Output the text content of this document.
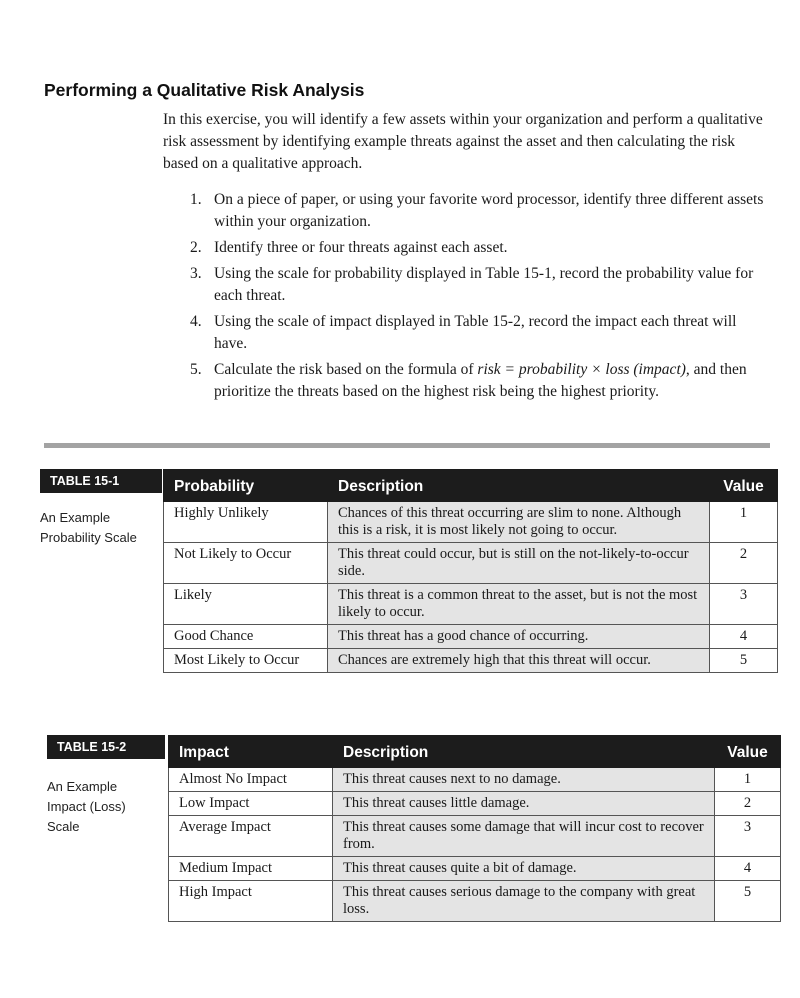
Performing a Qualitative Risk Analysis

In this exercise, you will identify a few assets within your organization and perform a qualitative risk assessment by identifying example threats against the asset and then calculating the risk based on a qualitative approach.

1. On a piece of paper, or using your favorite word processor, identify three different assets within your organization.
2. Identify three or four threats against each asset.
3. Using the scale for probability displayed in Table 15-1, record the probability value for each threat.
4. Using the scale of impact displayed in Table 15-2, record the impact each threat will have.
5. Calculate the risk based on the formula of risk = probability × loss (impact), and then prioritize the threats based on the highest risk being the highest priority.
TABLE 15-1
An Example Probability Scale
Probability	Description	Value
Highly Unlikely	Chances of this threat occurring are slim to none. Although this is a risk, it is most likely not going to occur.	1
Not Likely to Occur	This threat could occur, but is still on the not-likely-to-occur side.	2
Likely	This threat is a common threat to the asset, but is not the most likely to occur.	3
Good Chance	This threat has a good chance of occurring.	4
Most Likely to Occur	Chances are extremely high that this threat will occur.	5
TABLE 15-2
An Example Impact (Loss) Scale
Impact	Description	Value
Almost No Impact	This threat causes next to no damage.	1
Low Impact	This threat causes little damage.	2
Average Impact	This threat causes some damage that will incur cost to recover from.	3
Medium Impact	This threat causes quite a bit of damage.	4
High Impact	This threat causes serious damage to the company with great loss.	5
